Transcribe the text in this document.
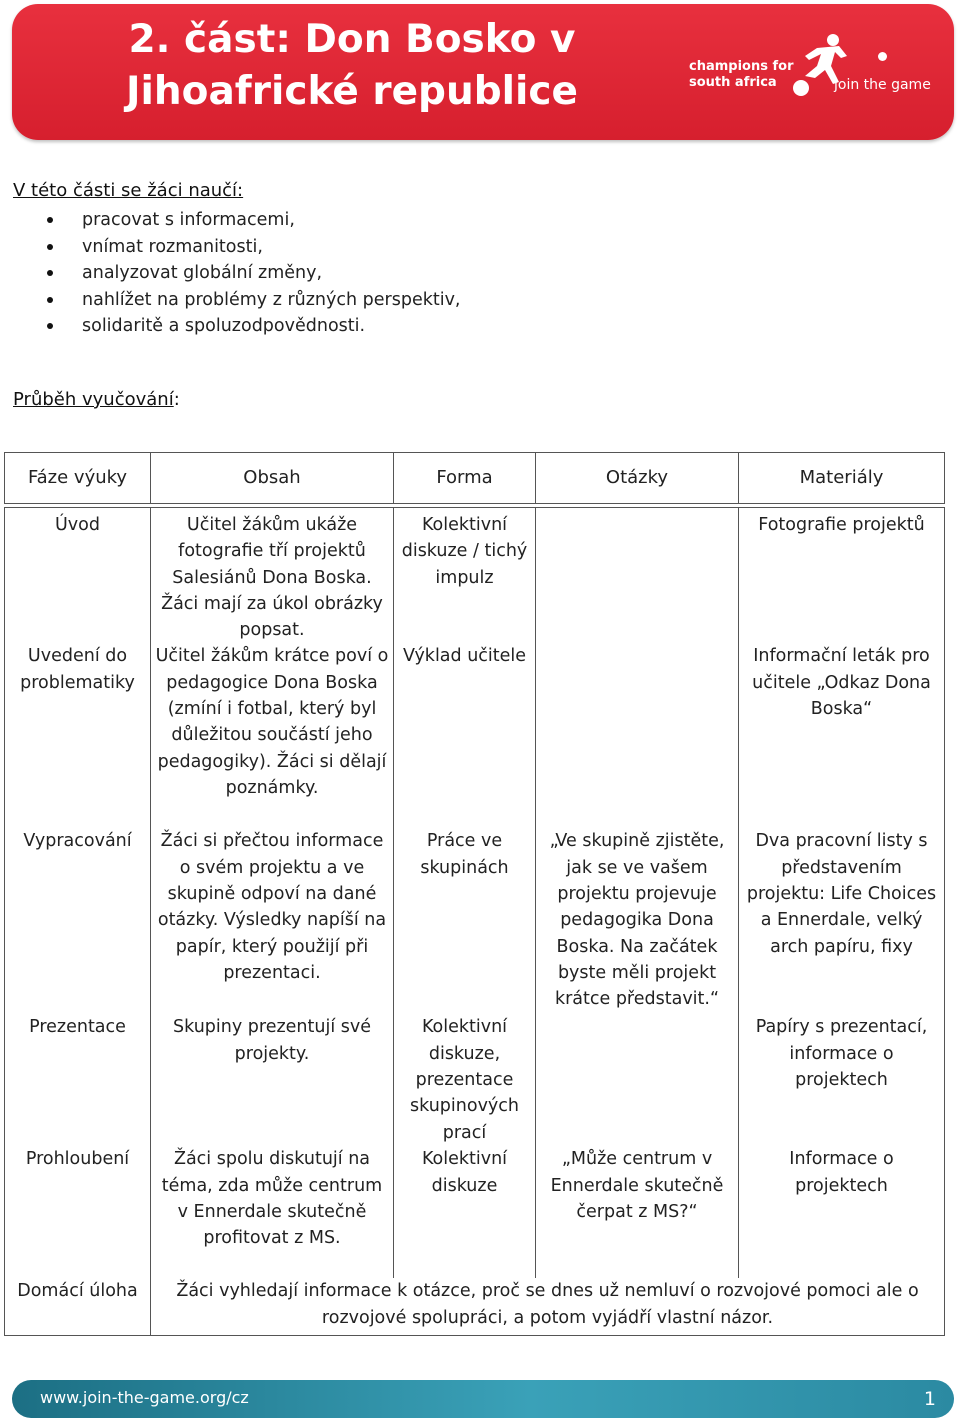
2. část: Don Bosko v Jihoafrické republice
champions for
south africa	join the game
V této části se žáci naučí:
pracovat s informacemi,
vnímat rozmanitosti,
analyzovat globální změny,
nahlížet na problémy z různých perspektiv,
solidaritě a spoluzodpovědnosti.
Průběh vyučování:
Fáze výuky	Obsah	Forma	Otázky	Materiály

Úvod	Učitel žákům ukáže fotografie tří projektů Salesiánů Dona Boska. Žáci mají za úkol obrázky popsat.	Kolektivní diskuze / tichý impulz		Fotografie projektů
Uvedení do problematiky	Učitel žákům krátce poví o pedagogice Dona Boska (zmíní i fotbal, který byl důležitou součástí jeho pedagogiky). Žáci si dělají poznámky.	Výklad učitele		Informační leták pro učitele „Odkaz Dona Boska“
Vypracování	Žáci si přečtou informace o svém projektu a ve skupině odpoví na dané otázky. Výsledky napíší na papír, který použijí při prezentaci.	Práce ve skupinách	„Ve skupině zjistěte, jak se ve vašem projektu projevuje pedagogika Dona Boska. Na začátek byste měli projekt krátce představit.“	Dva pracovní listy s představením projektu: Life Choices a Ennerdale, velký arch papíru, fixy
Prezentace	Skupiny prezentují své projekty.	Kolektivní diskuze, prezentace skupinových prací		Papíry s prezentací, informace o projektech
Prohloubení	Žáci spolu diskutují na téma, zda může centrum v Ennerdale skutečně profitovat z MS.	Kolektivní diskuze	„Může centrum v Ennerdale skutečně čerpat z MS?“	Informace o projektech
Domácí úloha	Žáci vyhledají informace k otázce, proč se dnes už nemluví o rozvojové pomoci ale o rozvojové spolupráci, a potom vyjádří vlastní názor.			
www.join-the-game.org/cz	1
